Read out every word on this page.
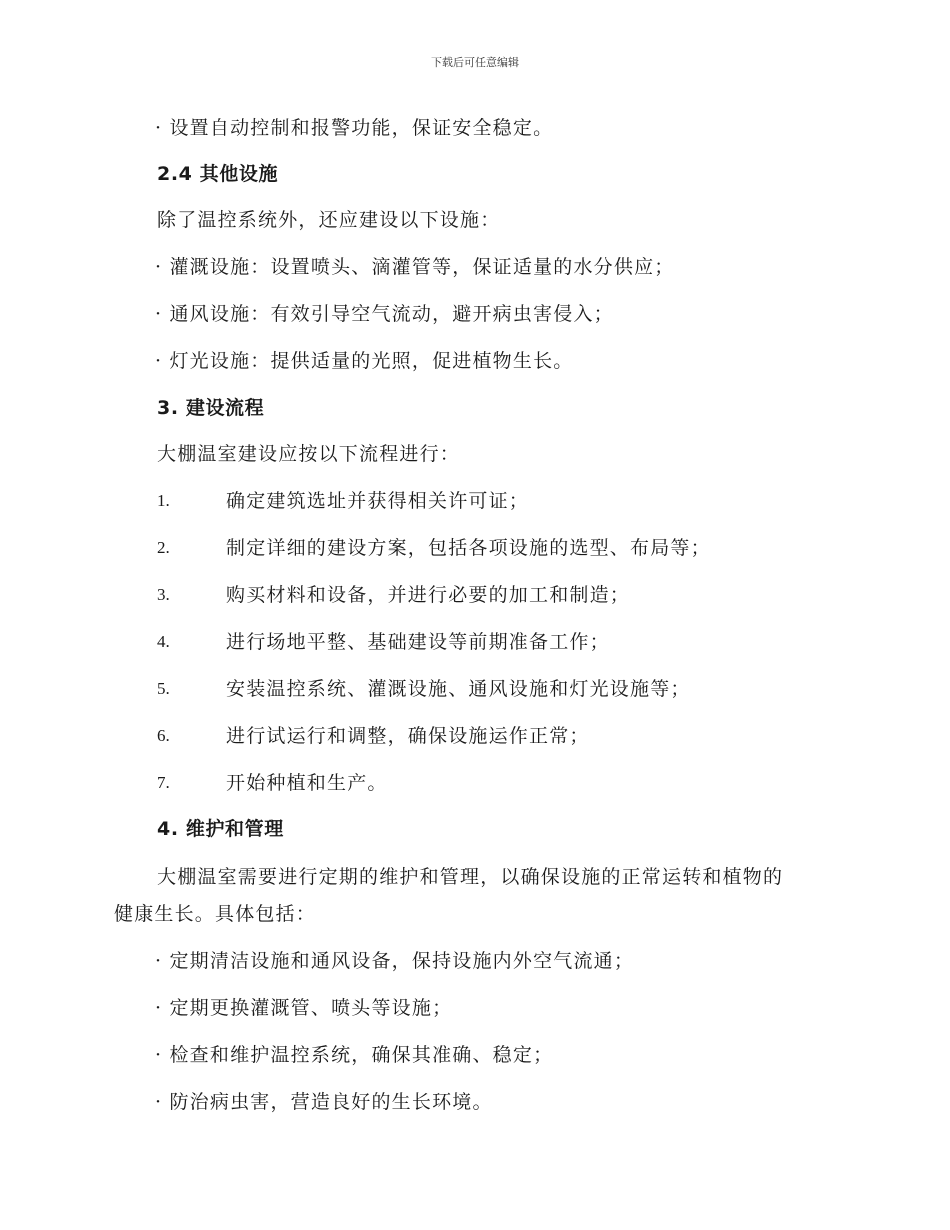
下载后可任意编辑
· 设置自动控制和报警功能，保证安全稳定。
2.4 其他设施
除了温控系统外，还应建设以下设施：
· 灌溉设施：设置喷头、滴灌管等，保证适量的水分供应；
· 通风设施：有效引导空气流动，避开病虫害侵入；
· 灯光设施：提供适量的光照，促进植物生长。
3. 建设流程
大棚温室建设应按以下流程进行：
1.	确定建筑选址并获得相关许可证；
2.	制定详细的建设方案，包括各项设施的选型、布局等；
3.	购买材料和设备，并进行必要的加工和制造；
4.	进行场地平整、基础建设等前期准备工作；
5.	安装温控系统、灌溉设施、通风设施和灯光设施等；
6.	进行试运行和调整，确保设施运作正常；
7.	开始种植和生产。
4. 维护和管理
大棚温室需要进行定期的维护和管理，以确保设施的正常运转和植物的
健康生长。具体包括：
· 定期清洁设施和通风设备，保持设施内外空气流通；
· 定期更换灌溉管、喷头等设施；
· 检查和维护温控系统，确保其准确、稳定；
· 防治病虫害，营造良好的生长环境。
